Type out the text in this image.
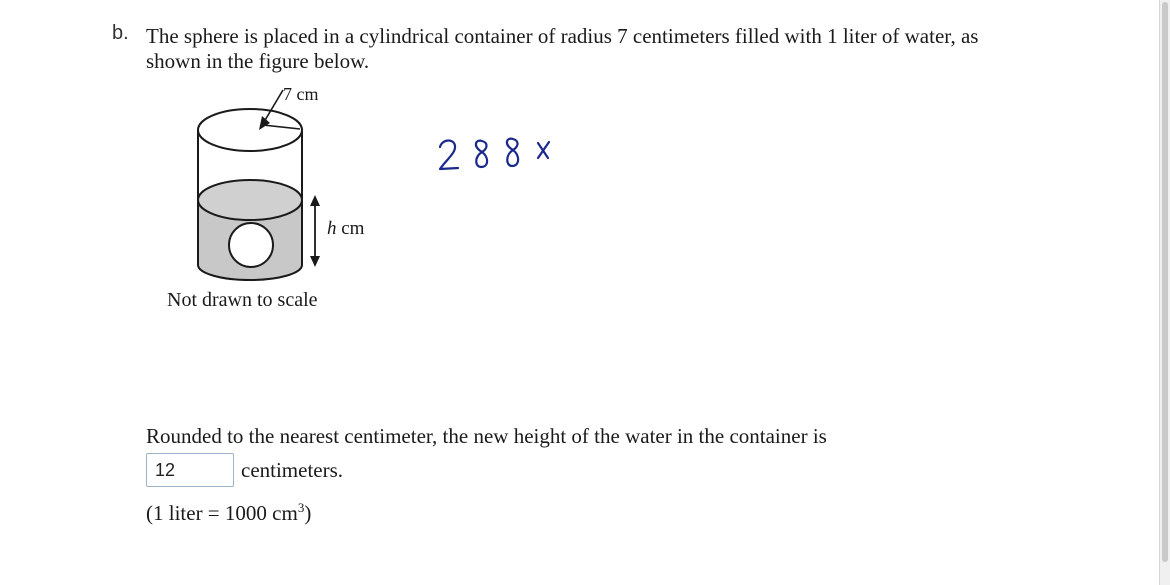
b. The sphere is placed in a cylindrical container of radius 7 centimeters filled with 1 liter of water, as shown in the figure below.
7 cm
h cm
Not drawn to scale
Rounded to the nearest centimeter, the new height of the water in the container is
12
centimeters.
(1 liter = 1000 $cm^3$)
